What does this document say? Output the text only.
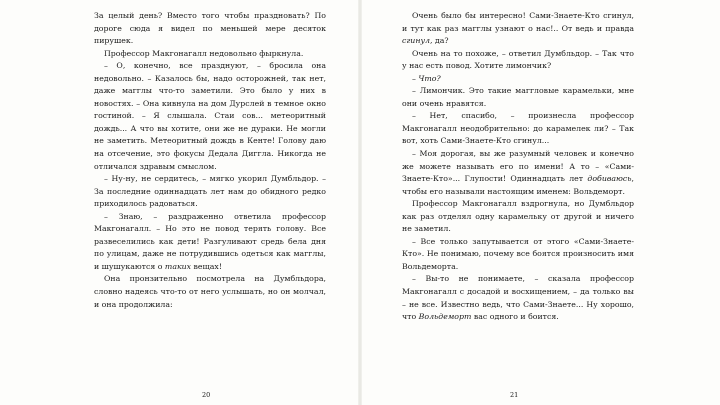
За целый день? Вместо того чтобы праздновать? По дороге сюда я видел по меньшей мере десяток пирушек.

Профессор Макгонагалл недовольно фыркнула.

– О, конечно, все празднуют, – бросила она недовольно. – Казалось бы, надо осторожней, так нет, даже магглы что-то заметили. Это было у них в новостях. – Она кивнула на дом Дурслей в темное окно гостиной. – Я слышала. Стаи сов... метеоритный дождь... А что вы хотите, они же не дураки. Не могли не заметить. Метеоритный дождь в Кенте! Голову даю на отсечение, это фокусы Дедала Диггла. Никогда не отличался здравым смыслом.

– Ну-ну, не сердитесь, – мягко укорил Думбльдор. – За последние одиннадцать лет нам до обидного редко приходилось радоваться.

– Знаю, – раздраженно ответила профессор Макгонагалл. – Но это не повод терять голову. Все развеселились как дети! Разгуливают средь бела дня по улицам, даже не потрудившись одеться как магглы, и шушукаются о таких вещах!

Она пронзительно посмотрела на Думбльдора, словно надеясь что-то от него услышать, но он молчал, и она продолжила:

Очень было бы интересно! Сами-Знаете-Кто сгинул, и тут как раз магглы узнают о нас!.. От ведь и правда сгинул, да?

Очень на то похоже, – ответил Думбльдор. – Так что у нас есть повод. Хотите лимончик?

– Что?

– Лимончик. Это такие маггловые карамельки, мне они очень нравятся.

– Нет, спасибо, – произнесла профессор Макгонагалл неодобрительно: до карамелек ли? – Так вот, хоть Сами-Знаете-Кто сгинул...

– Моя дорогая, вы же разумный человек и конечно же можете называть его по имени! А то – «Сами-Знаете-Кто»... Глупости! Одиннадцать лет добиваюсь, чтобы его называли настоящим именем: Вольдеморт.

Профессор Макгонагалл вздрогнула, но Думбльдор как раз отделял одну карамельку от другой и ничего не заметил.

– Все только запутывается от этого «Сами-Знаете-Кто». Не понимаю, почему все боятся произносить имя Вольдеморта.

– Вы-то не понимаете, – сказала профессор Макгонагалл с досадой и восхищением, – да только вы – не все. Известно ведь, что Сами-Знаете... Ну хорошо, что Вольдеморт вас одного и боится.

20	21
